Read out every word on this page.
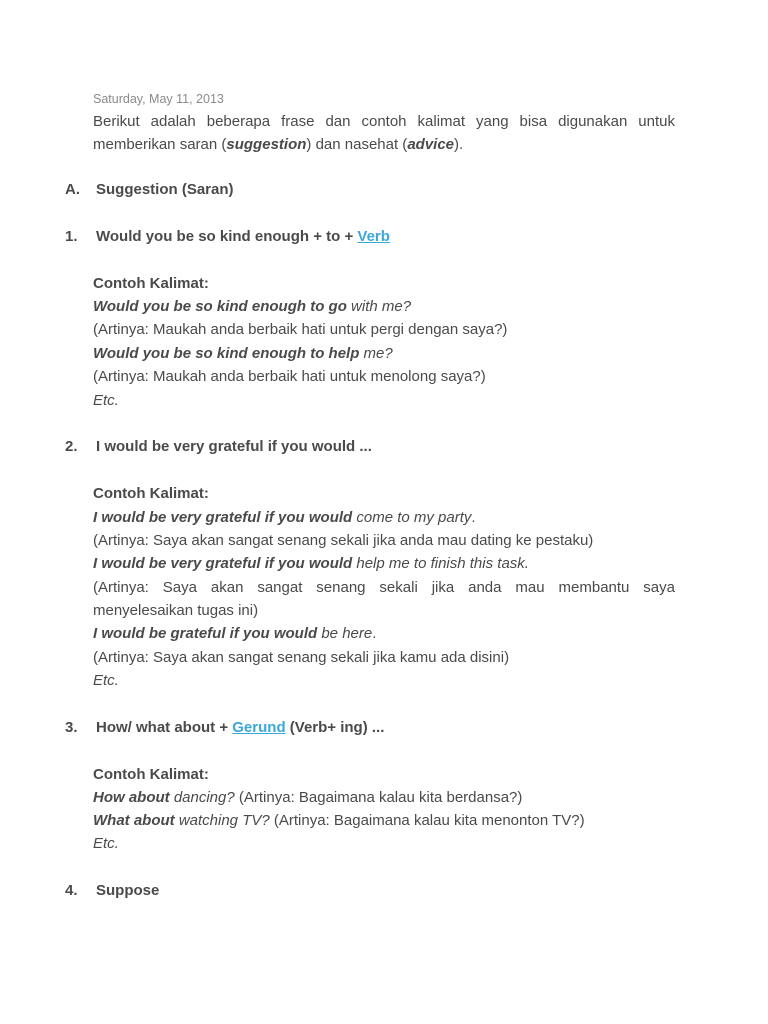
Saturday, May 11, 2013
Berikut adalah beberapa frase dan contoh kalimat yang bisa digunakan untuk memberikan saran (suggestion) dan nasehat (advice).
A. Suggestion (Saran)
1. Would you be so kind enough + to + Verb
Contoh Kalimat:
Would you be so kind enough to go with me?
(Artinya: Maukah anda berbaik hati untuk pergi dengan saya?)
Would you be so kind enough to help me?
(Artinya: Maukah anda berbaik hati untuk menolong saya?)
Etc.
2. I would be very grateful if you would ...
Contoh Kalimat:
I would be very grateful if you would come to my party.
(Artinya: Saya akan sangat senang sekali jika anda mau dating ke pestaku)
I would be very grateful if you would help me to finish this task.
(Artinya: Saya akan sangat senang sekali jika anda mau membantu saya menyelesaikan tugas ini)
I would be grateful if you would be here.
(Artinya: Saya akan sangat senang sekali jika kamu ada disini)
Etc.
3. How/ what about + Gerund (Verb+ ing) ...
Contoh Kalimat:
How about dancing? (Artinya: Bagaimana kalau kita berdansa?)
What about watching TV? (Artinya: Bagaimana kalau kita menonton TV?)
Etc.
4. Suppose
